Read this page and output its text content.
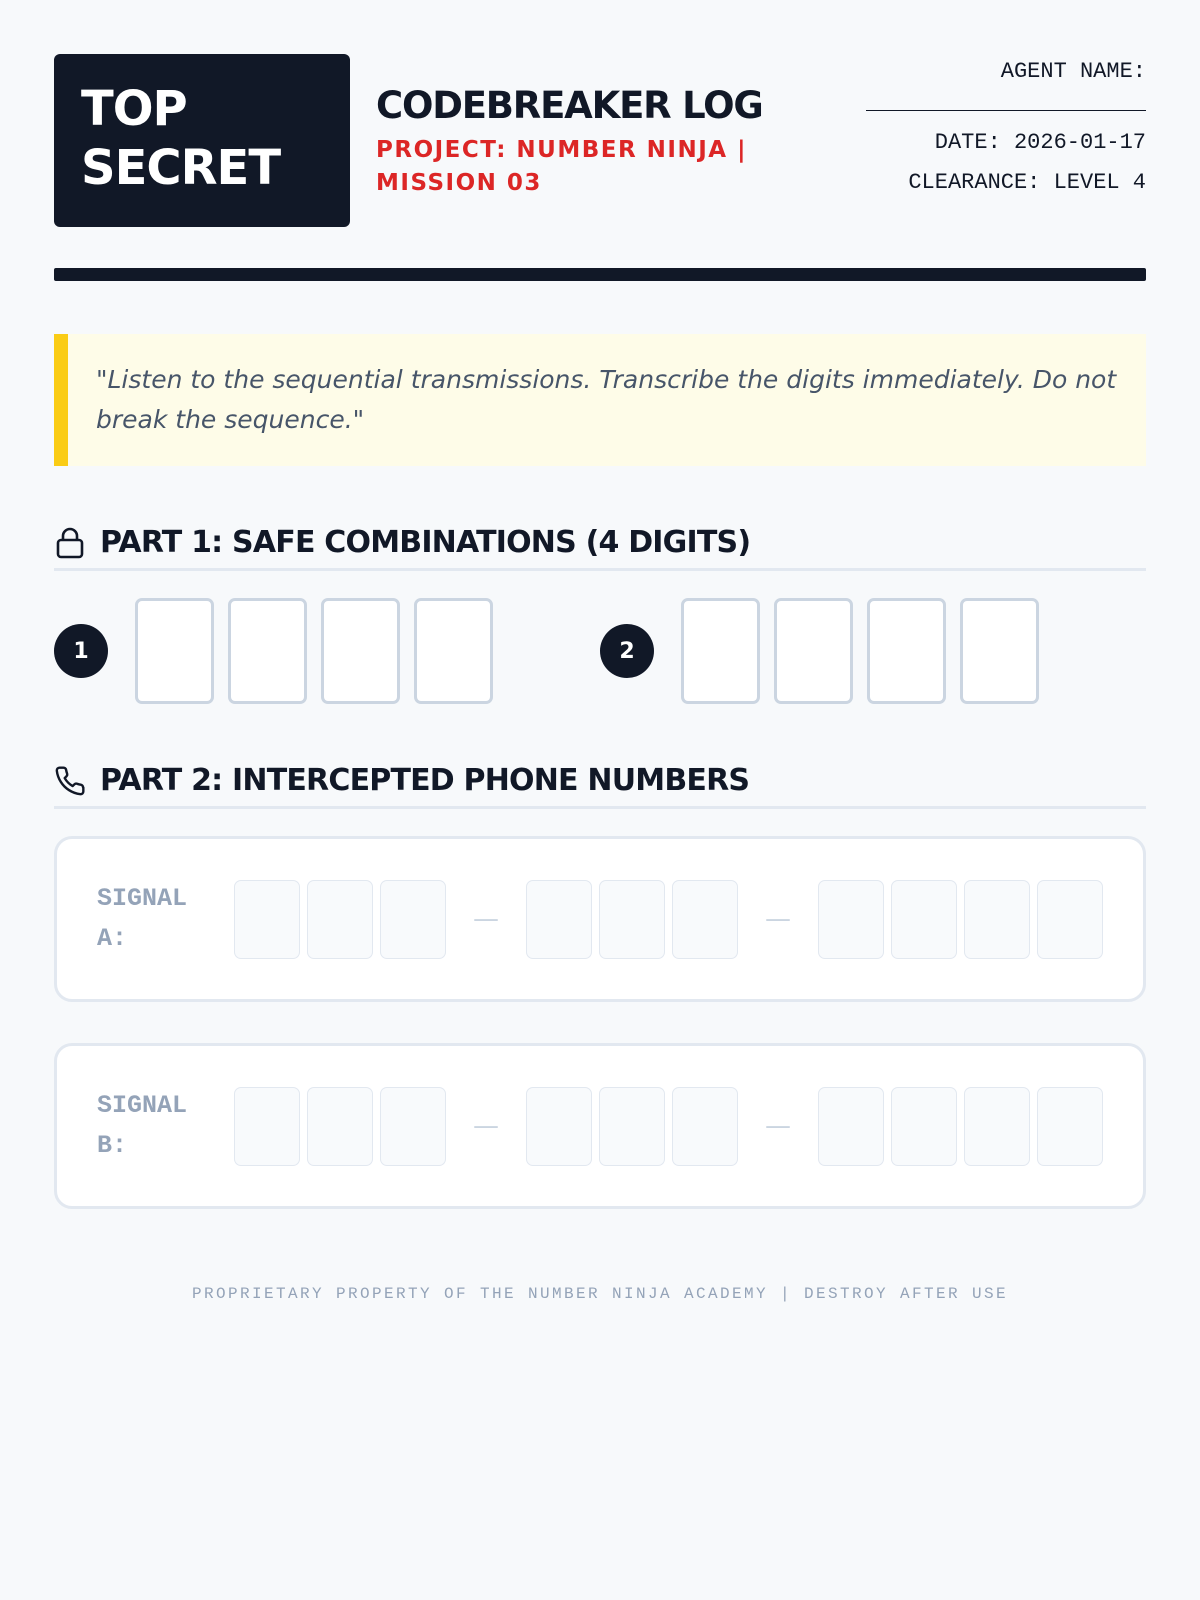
TOP
SECRET
CODEBREAKER LOG
PROJECT: NUMBER NINJA | MISSION 03
AGENT NAME:
DATE: 2026-01-17
CLEARANCE: LEVEL 4
"Listen to the sequential transmissions. Transcribe the digits immediately. Do not break the sequence."
PART 1: SAFE COMBINATIONS (4 DIGITS)
1	2
PART 2: INTERCEPTED PHONE NUMBERS
SIGNAL
A:
—	—
SIGNAL
B:
—	—
PROPRIETARY PROPERTY OF THE NUMBER NINJA ACADEMY | DESTROY AFTER USE
